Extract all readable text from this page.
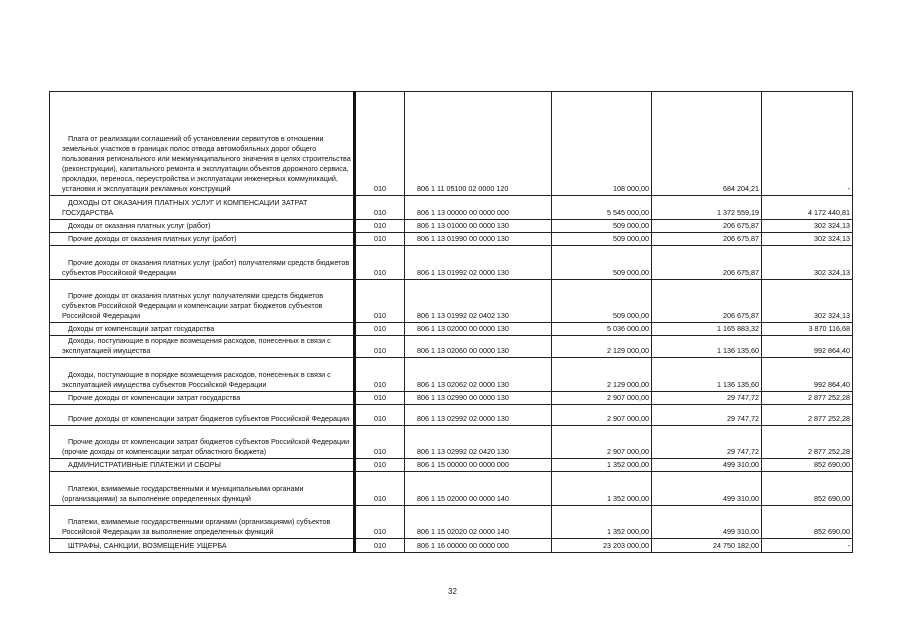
Плата от реализации соглашений об установлении сервитутов в отношении земельных участков в границах полос отвода автомобильных дорог общего пользования регионального или межмуниципального значения в целях строительства (реконструкции), капитального ремонта и эксплуатации объектов дорожного сервиса, прокладки, переноса, переустройства и эксплуатации инженерных коммуникаций, установки и эксплуатации рекламных конструкций	010	806 1 11 05100 02 0000 120	108 000,00	684 204,21	-
ДОХОДЫ ОТ ОКАЗАНИЯ ПЛАТНЫХ УСЛУГ И КОМПЕНСАЦИИ ЗАТРАТ ГОСУДАРСТВА	010	806 1 13 00000 00 0000 000	5 545 000,00	1 372 559,19	4 172 440,81
Доходы от оказания платных услуг (работ)	010	806 1 13 01000 00 0000 130	509 000,00	206 675,87	302 324,13
Прочие доходы от оказания платных услуг (работ)	010	806 1 13 01990 00 0000 130	509 000,00	206 675,87	302 324,13
Прочие доходы от оказания платных услуг (работ) получателями средств бюджетов субъектов Российской Федерации	010	806 1 13 01992 02 0000 130	509 000,00	206 675,87	302 324,13
Прочие доходы от оказания платных услуг получателями средств бюджетов субъектов Российской Федерации и компенсации затрат бюджетов субъектов Российской Федерации	010	806 1 13 01992 02 0402 130	509 000,00	206 675,87	302 324,13
Доходы от компенсации затрат государства	010	806 1 13 02000 00 0000 130	5 036 000,00	1 165 883,32	3 870 116,68
Доходы, поступающие в порядке возмещения расходов, понесенных в связи с эксплуатацией имущества	010	806 1 13 02060 00 0000 130	2 129 000,00	1 136 135,60	992 864,40
Доходы, поступающие в порядке возмещения расходов, понесенных в связи с эксплуатацией имущества субъектов Российской Федерации	010	806 1 13 02062 02 0000 130	2 129 000,00	1 136 135,60	992 864,40
Прочие доходы от компенсации затрат государства	010	806 1 13 02990 00 0000 130	2 907 000,00	29 747,72	2 877 252,28
Прочие доходы от компенсации затрат бюджетов субъектов Российской Федерации	010	806 1 13 02992 02 0000 130	2 907 000,00	29 747,72	2 877 252,28
Прочие доходы от компенсации затрат бюджетов субъектов Российской Федерации (прочие доходы от компенсации затрат областного бюджета)	010	806 1 13 02992 02 0420 130	2 907 000,00	29 747,72	2 877 252,28
АДМИНИСТРАТИВНЫЕ ПЛАТЕЖИ И СБОРЫ	010	806 1 15 00000 00 0000 000	1 352 000,00	499 310,00	852 690,00
Платежи, взимаемые государственными и муниципальными органами (организациями) за выполнение определенных функций	010	806 1 15 02000 00 0000 140	1 352 000,00	499 310,00	852 690,00
Платежи, взимаемые государственными органами (организациями) субъектов Российской Федерации за выполнение определенных функций	010	806 1 15 02020 02 0000 140	1 352 000,00	499 310,00	852 690,00
ШТРАФЫ, САНКЦИИ, ВОЗМЕЩЕНИЕ УЩЕРБА	010	806 1 16 00000 00 0000 000	23 203 000,00	24 750 182,00	-
32
